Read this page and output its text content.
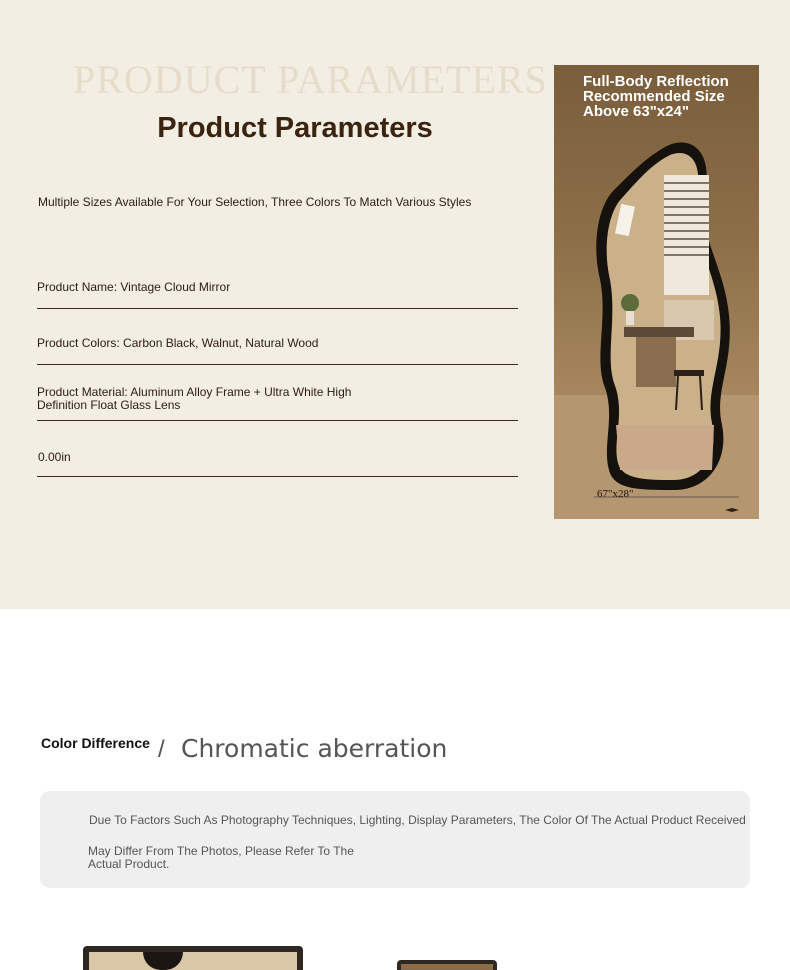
PRODUCT PARAMETERS
Product Parameters
Multiple Sizes Available For Your Selection, Three Colors To Match Various Styles
Product Name: Vintage Cloud Mirror
Product Colors: Carbon Black, Walnut, Natural Wood
Product Material: Aluminum Alloy Frame + Ultra White High Definition Float Glass Lens
0.00in
Full-Body Reflection Recommended Size Above 63"x24"
67"x28"
Color Difference / Chromatic aberration
Due To Factors Such As Photography Techniques, Lighting, Display Parameters, The Color Of The Actual Product Received
May Differ From The Photos, Please Refer To The Actual Product.
